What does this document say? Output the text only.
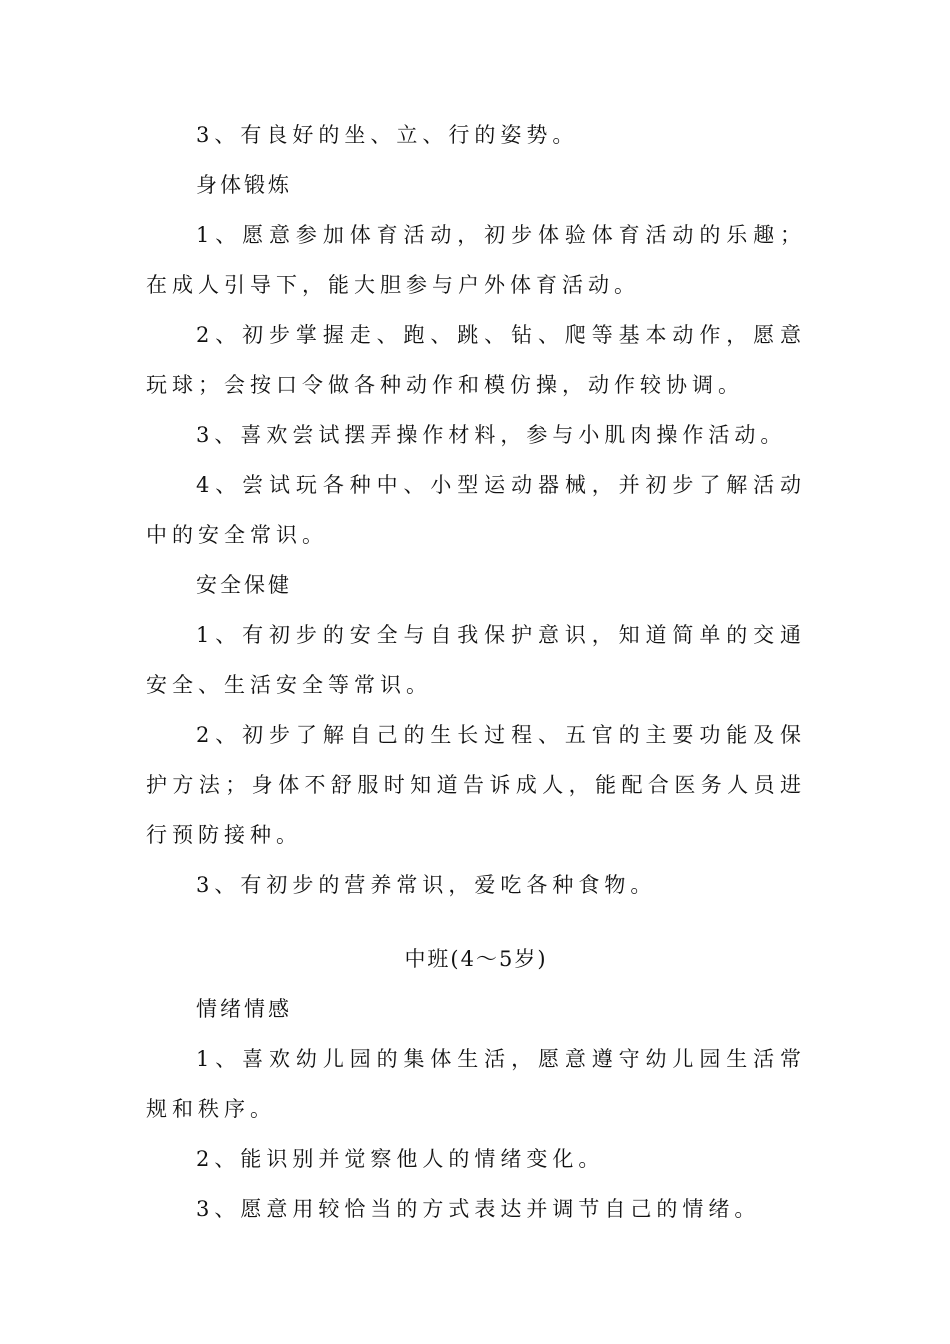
3、有良好的坐、立、行的姿势。

身体锻炼

1、愿意参加体育活动，初步体验体育活动的乐趣；在成人引导下，能大胆参与户外体育活动。

2、初步掌握走、跑、跳、钻、爬等基本动作，愿意玩球；会按口令做各种动作和模仿操，动作较协调。

3、喜欢尝试摆弄操作材料，参与小肌肉操作活动。

4、尝试玩各种中、小型运动器械，并初步了解活动中的安全常识。

安全保健

1、有初步的安全与自我保护意识，知道简单的交通安全、生活安全等常识。

2、初步了解自己的生长过程、五官的主要功能及保护方法；身体不舒服时知道告诉成人，能配合医务人员进行预防接种。

3、有初步的营养常识，爱吃各种食物。

中班(4～5岁)

情绪情感

1、喜欢幼儿园的集体生活，愿意遵守幼儿园生活常规和秩序。

2、能识别并觉察他人的情绪变化。

3、愿意用较恰当的方式表达并调节自己的情绪。
